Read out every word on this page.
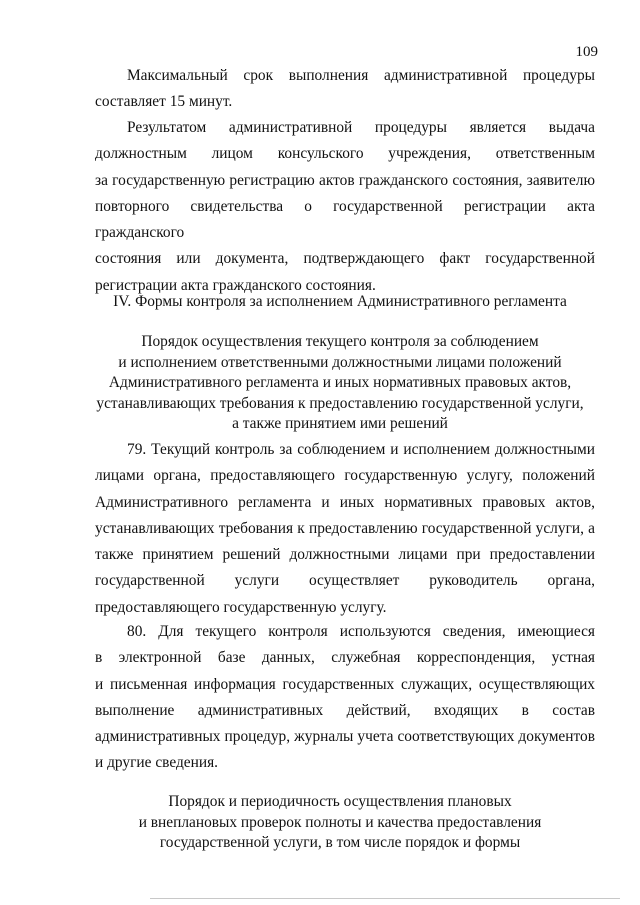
109
Максимальный срок выполнения административной процедуры
составляет 15 минут.
Результатом административной процедуры является выдача
должностным лицом консульского учреждения, ответственным
за государственную регистрацию актов гражданского состояния, заявителю
повторного свидетельства о государственной регистрации акта гражданского
состояния или документа, подтверждающего факт государственной
регистрации акта гражданского состояния.
IV. Формы контроля за исполнением Административного регламента
Порядок осуществления текущего контроля за соблюдением
и исполнением ответственными должностными лицами положений
Административного регламента и иных нормативных правовых актов,
устанавливающих требования к предоставлению государственной услуги,
а также принятием ими решений
79. Текущий контроль за соблюдением и исполнением должностными
лицами органа, предоставляющего государственную услугу, положений
Административного регламента и иных нормативных правовых актов,
устанавливающих требования к предоставлению государственной услуги, а
также принятием решений должностными лицами при предоставлении
государственной услуги осуществляет руководитель органа,
предоставляющего государственную услугу.
80. Для текущего контроля используются сведения, имеющиеся
в электронной базе данных, служебная корреспонденция, устная
и письменная информация государственных служащих, осуществляющих
выполнение административных действий, входящих в состав
административных процедур, журналы учета соответствующих документов
и другие сведения.
Порядок и периодичность осуществления плановых
и внеплановых проверок полноты и качества предоставления
государственной услуги, в том числе порядок и формы
